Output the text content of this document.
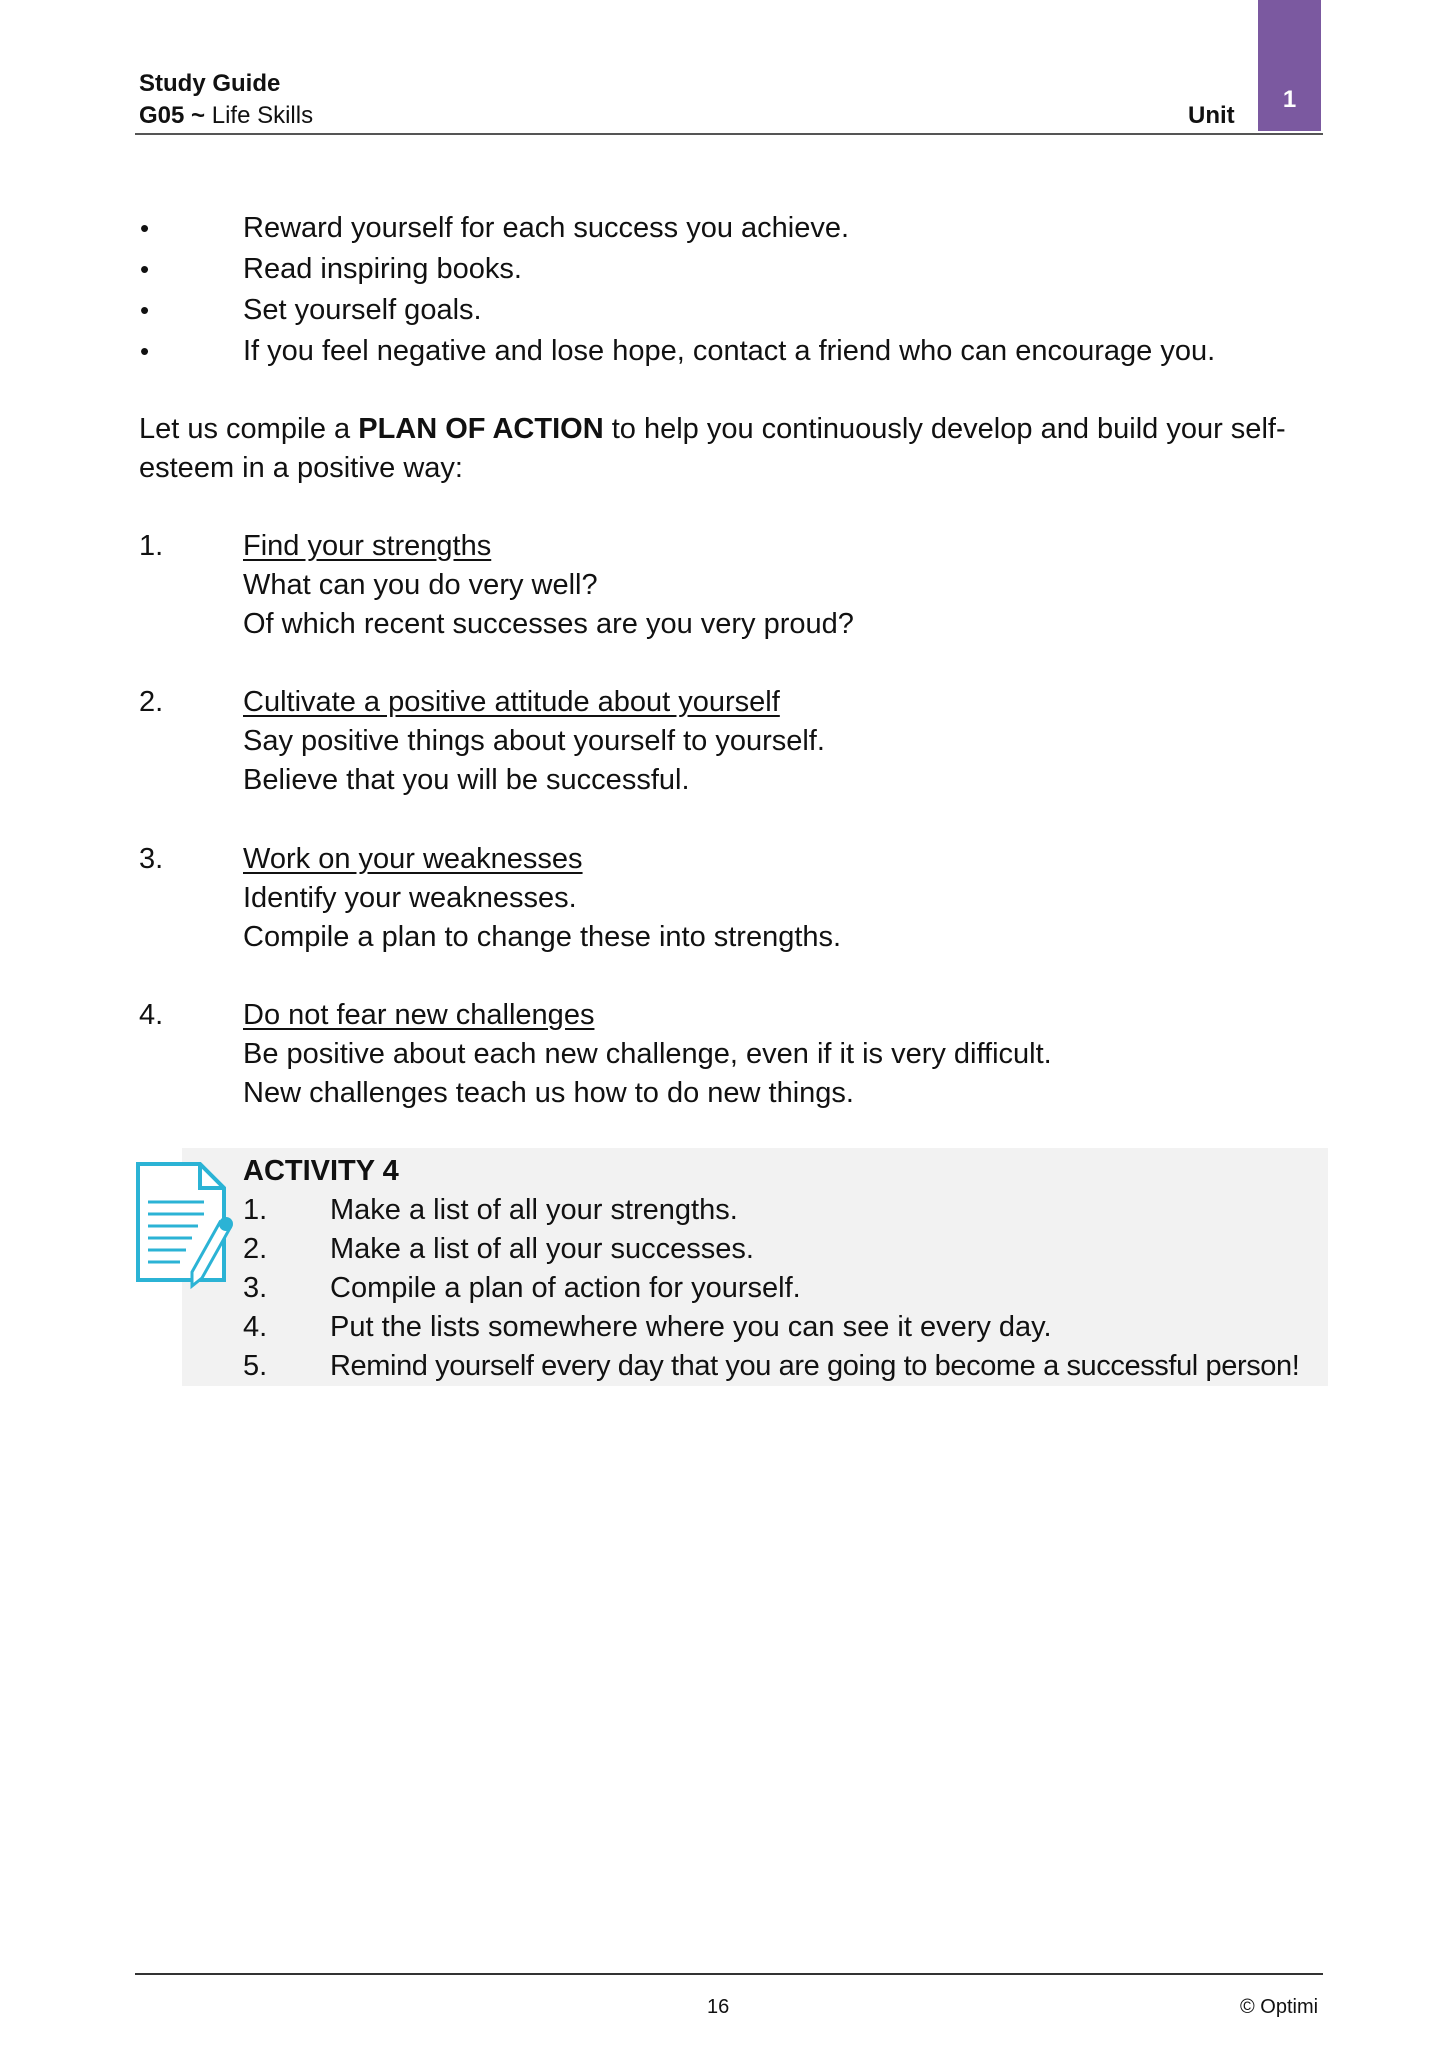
Study Guide
G05 ~ Life Skills	Unit
1
•	Reward yourself for each success you achieve.
•	Read inspiring books.
•	Set yourself goals.
•	If you feel negative and lose hope, contact a friend who can encourage you.
Let us compile a PLAN OF ACTION to help you continuously develop and build your self-
esteem in a positive way:
1.	Find your strengths
What can you do very well?
Of which recent successes are you very proud?
2.	Cultivate a positive attitude about yourself
Say positive things about yourself to yourself.
Believe that you will be successful.
3.	Work on your weaknesses
Identify your weaknesses.
Compile a plan to change these into strengths.
4.	Do not fear new challenges
Be positive about each new challenge, even if it is very difficult.
New challenges teach us how to do new things.
ACTIVITY 4
1. Make a list of all your strengths.
2. Make a list of all your successes.
3. Compile a plan of action for yourself.
4. Put the lists somewhere where you can see it every day.
5. Remind yourself every day that you are going to become a successful person!
16	© Optimi
